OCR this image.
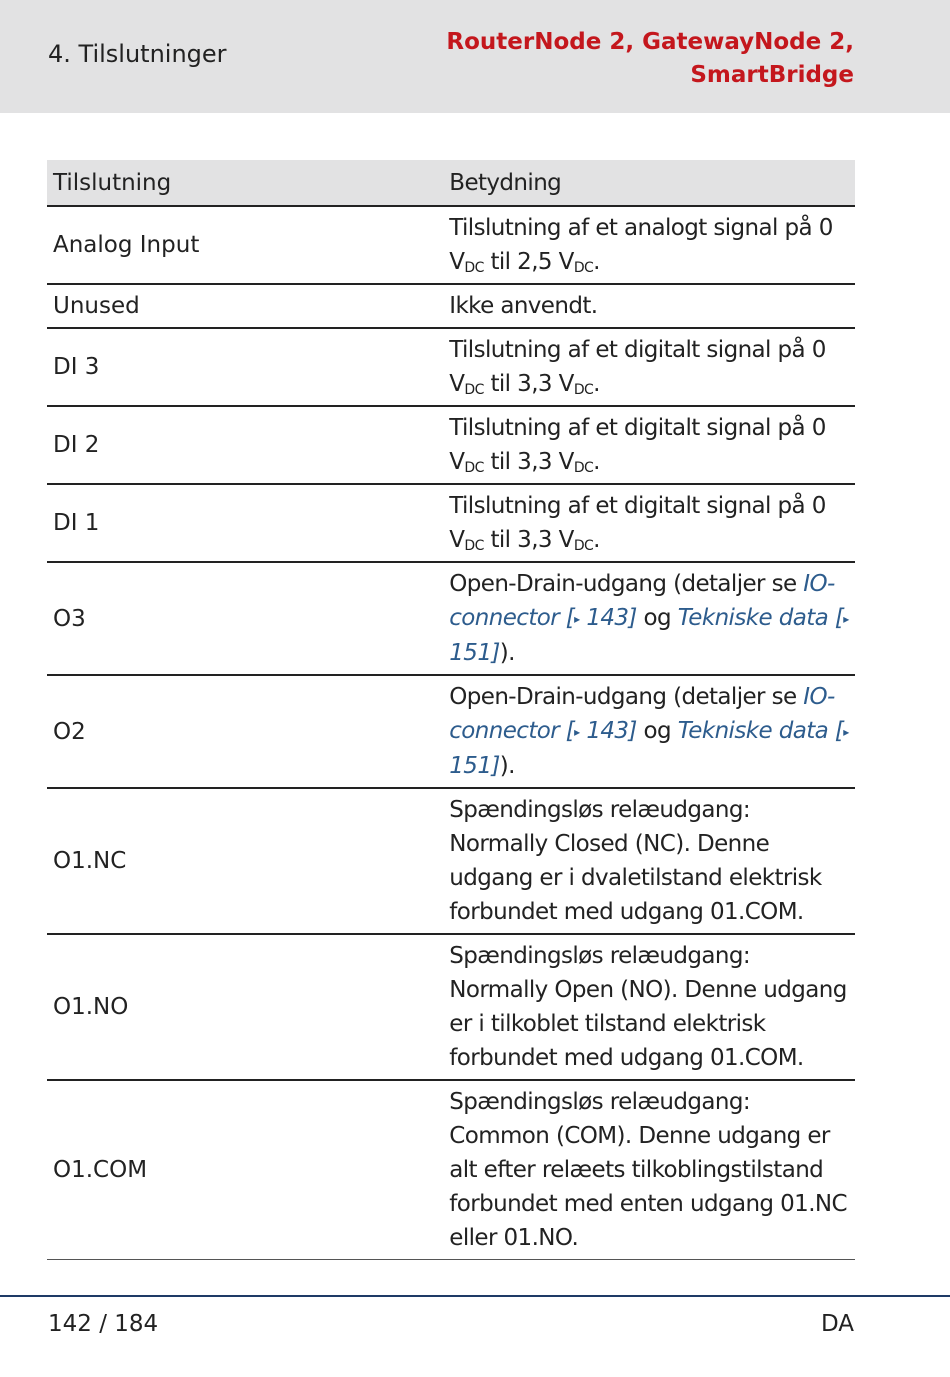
4. Tilslutninger	RouterNode 2, GatewayNode 2, SmartBridge
Tilslutning	Betydning
Analog Input	Tilslutning af et analogt signal på 0 $V_{DC}$ til 2,5 $V_{DC}$.
Unused	Ikke anvendt.
DI 3	Tilslutning af et digitalt signal på 0 $V_{DC}$ til 3,3 $V_{DC}$.
DI 2	Tilslutning af et digitalt signal på 0 $V_{DC}$ til 3,3 $V_{DC}$.
DI 1	Tilslutning af et digitalt signal på 0 $V_{DC}$ til 3,3 $V_{DC}$.
O3	Open-Drain-udgang (detaljer se IO-connector [▸ 143] og Tekniske data [▸ 151]).
O2	Open-Drain-udgang (detaljer se IO-connector [▸ 143] og Tekniske data [▸ 151]).
O1.NC	Spændingsløs relæudgang: Normally Closed (NC). Denne udgang er i dvaletilstand elektrisk forbundet med udgang 01.COM.
O1.NO	Spændingsløs relæudgang: Normally Open (NO). Denne udgang er i tilkoblet tilstand elektrisk forbundet med udgang 01.COM.
O1.COM	Spændingsløs relæudgang: Common (COM). Denne udgang er alt efter relæets tilkoblingstilstand forbundet med enten udgang 01.NC eller 01.NO.
142 / 184	DA
